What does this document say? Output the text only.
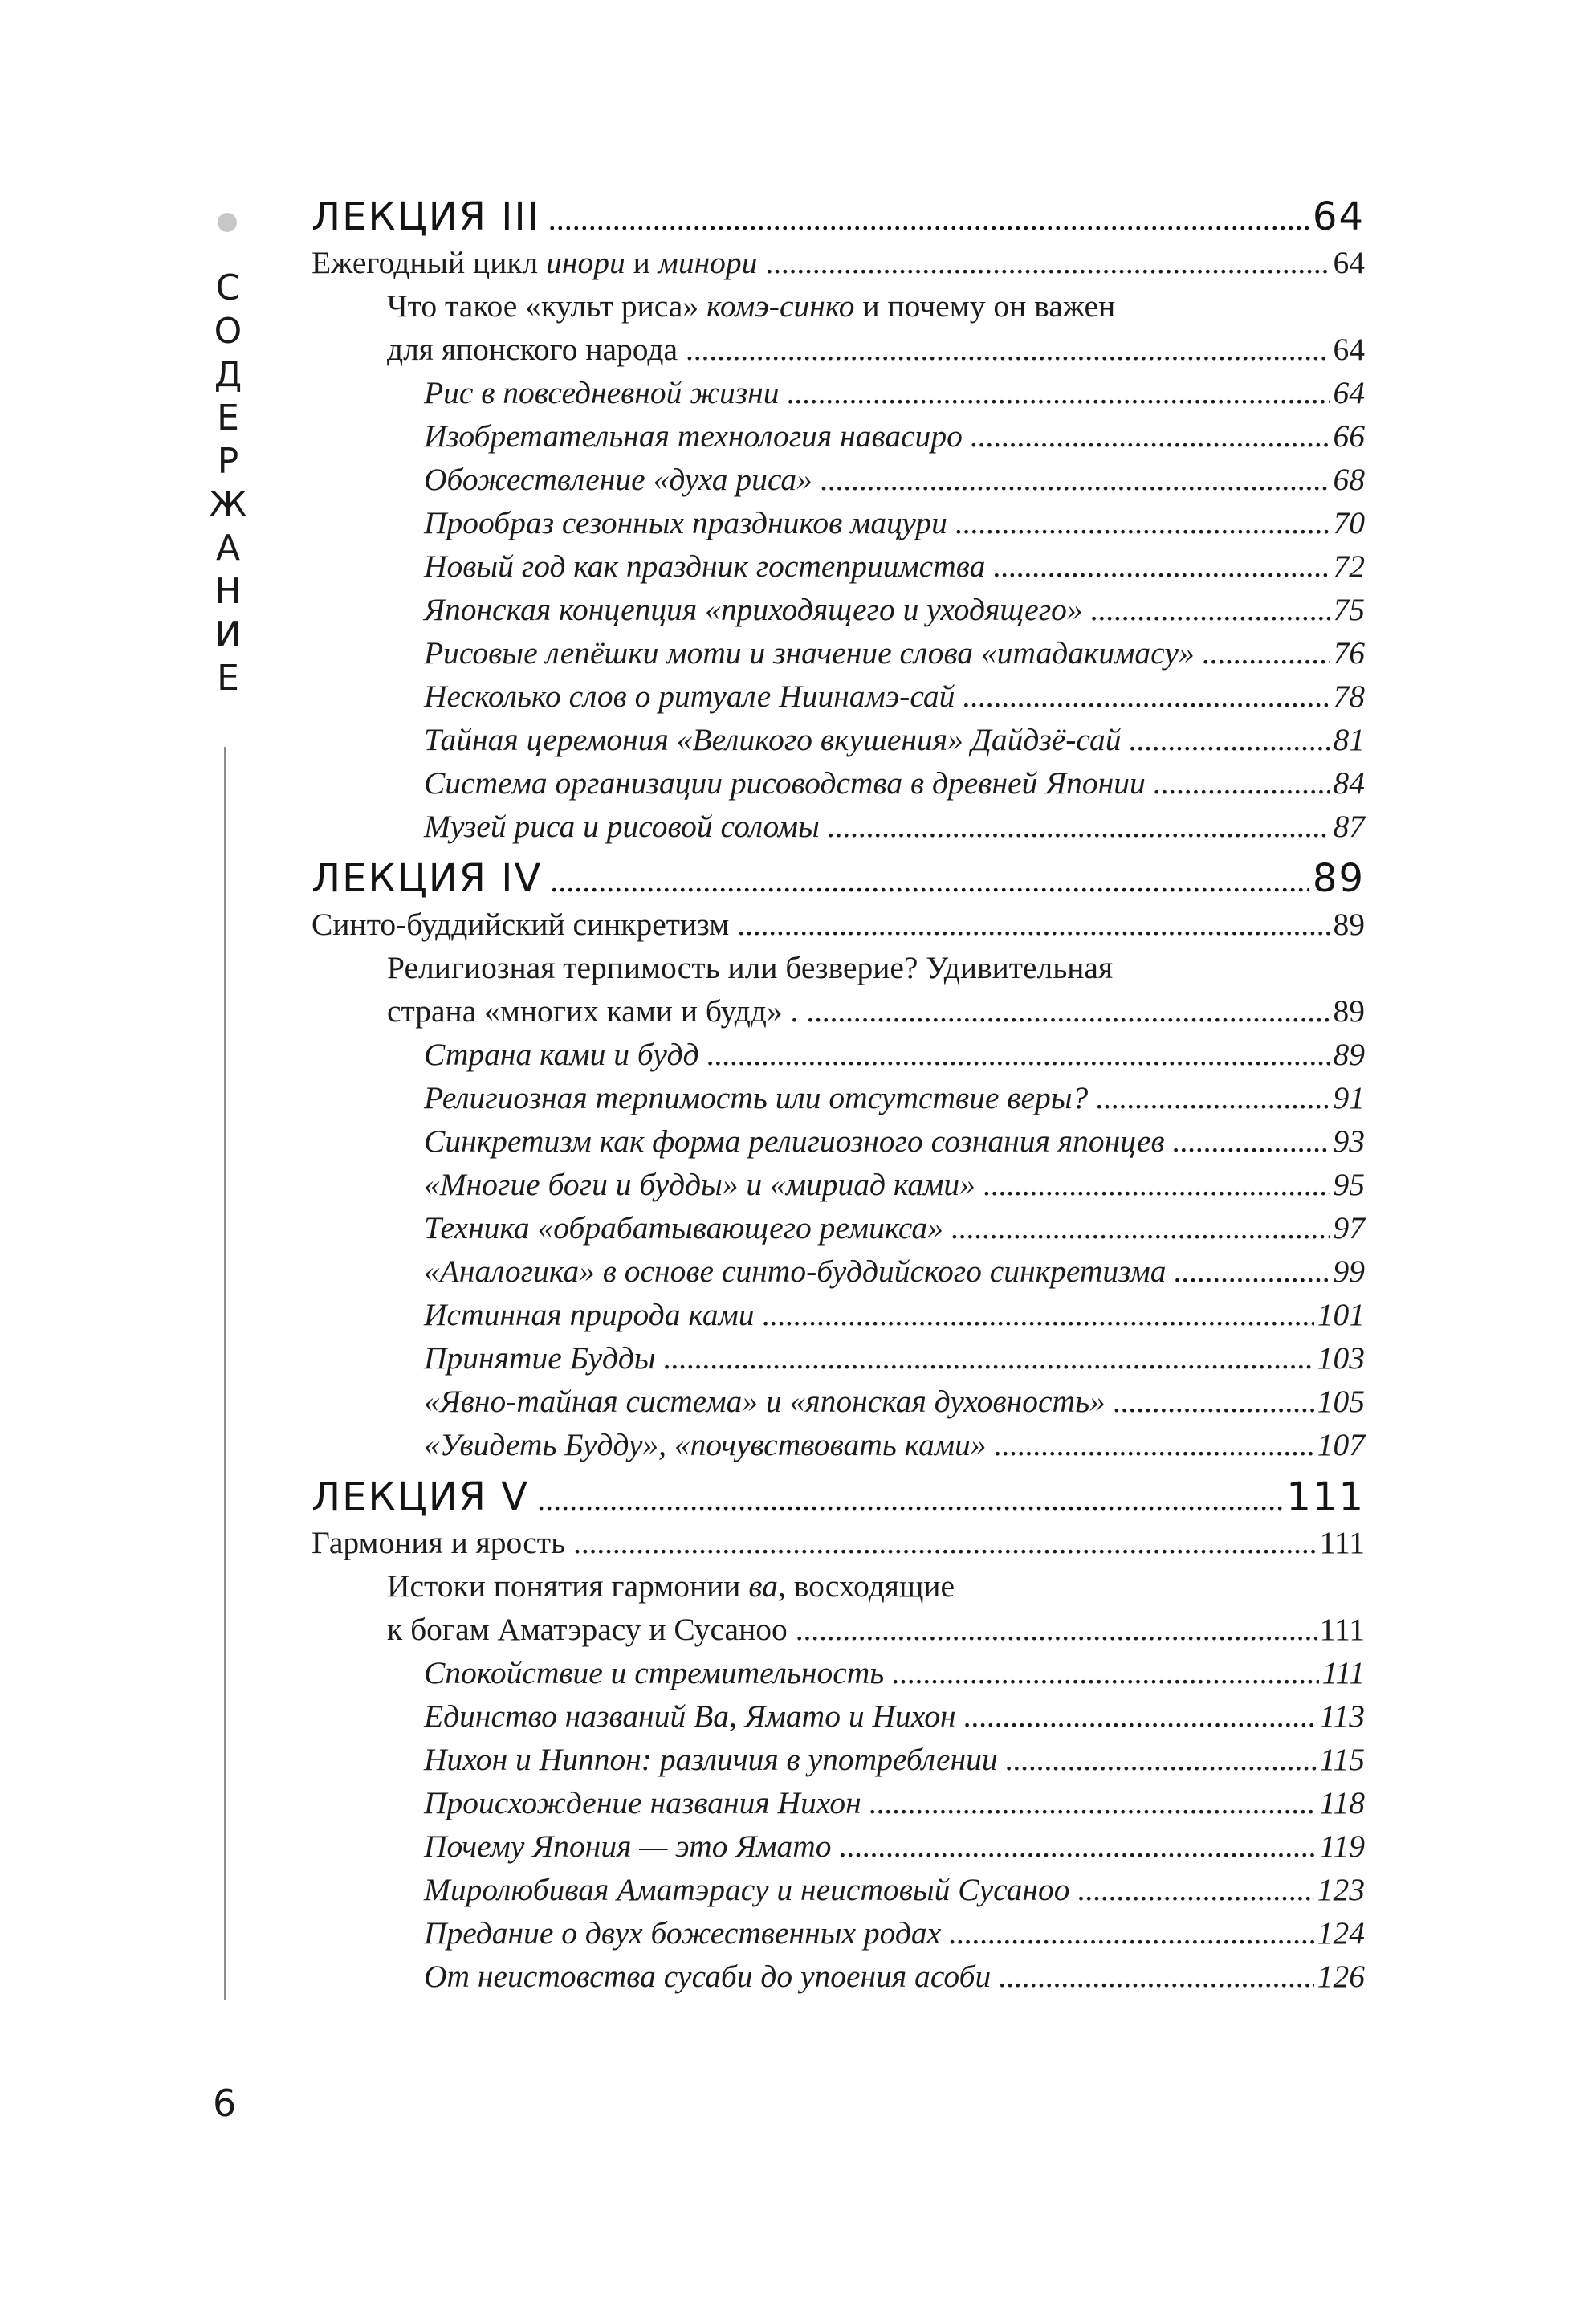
С
О
Д
Е
Р
Ж
А
Н
И
Е
6
ЛЕКЦИЯ III .....	64
Ежегодный цикл инори и минори . . .	64
Что такое «культ риса» комэ-синко и почему он важен
для японского народа . . .	64
Рис в повседневной жизни . . .	64
Изобретательная технология навасиро . . .	66
Обожествление «духа риса» . . .	68
Прообраз сезонных праздников мацури . . .	70
Новый год как праздник гостеприимства . . .	72
Японская концепция «приходящего и уходящего» . . .	75
Рисовые лепёшки моти и значение слова «итадакимасу» . . .	76
Несколько слов о ритуале Ниинамэ-сай . . .	78
Тайная церемония «Великого вкушения» Дайдзё-сай . . .	81
Система организации рисоводства в древней Японии . . .	84
Музей риса и рисовой соломы . . .	87
ЛЕКЦИЯ IV .....	89
Синто-буддийский синкретизм . . .	89
Религиозная терпимость или безверие? Удивительная
страна «многих ками и будд» . . . .	89
Страна ками и будд . . .	89
Религиозная терпимость или отсутствие веры? . . .	91
Синкретизм как форма религиозного сознания японцев . . .	93
«Многие боги и будды» и «мириад ками» . . .	95
Техника «обрабатывающего ремикса» . . .	97
«Аналогика» в основе синто-буддийского синкретизма . . .	99
Истинная природа ками . . .	101
Принятие Будды . . .	103
«Явно-тайная система» и «японская духовность» . . .	105
«Увидеть Будду», «почувствовать ками» . . .	107
ЛЕКЦИЯ V .....	111
Гармония и ярость . . .	111
Истоки понятия гармонии ва, восходящие
к богам Аматэрасу и Сусаноо . . .	111
Спокойствие и стремительность . . .	111
Единство названий Ва, Ямато и Нихон . . .	113
Нихон и Ниппон: различия в употреблении . . .	115
Происхождение названия Нихон . . .	118
Почему Япония — это Ямато . . .	119
Миролюбивая Аматэрасу и неистовый Сусаноо . . .	123
Предание о двух божественных родах . . .	124
От неистовства сусаби до упоения асоби . . .	126
